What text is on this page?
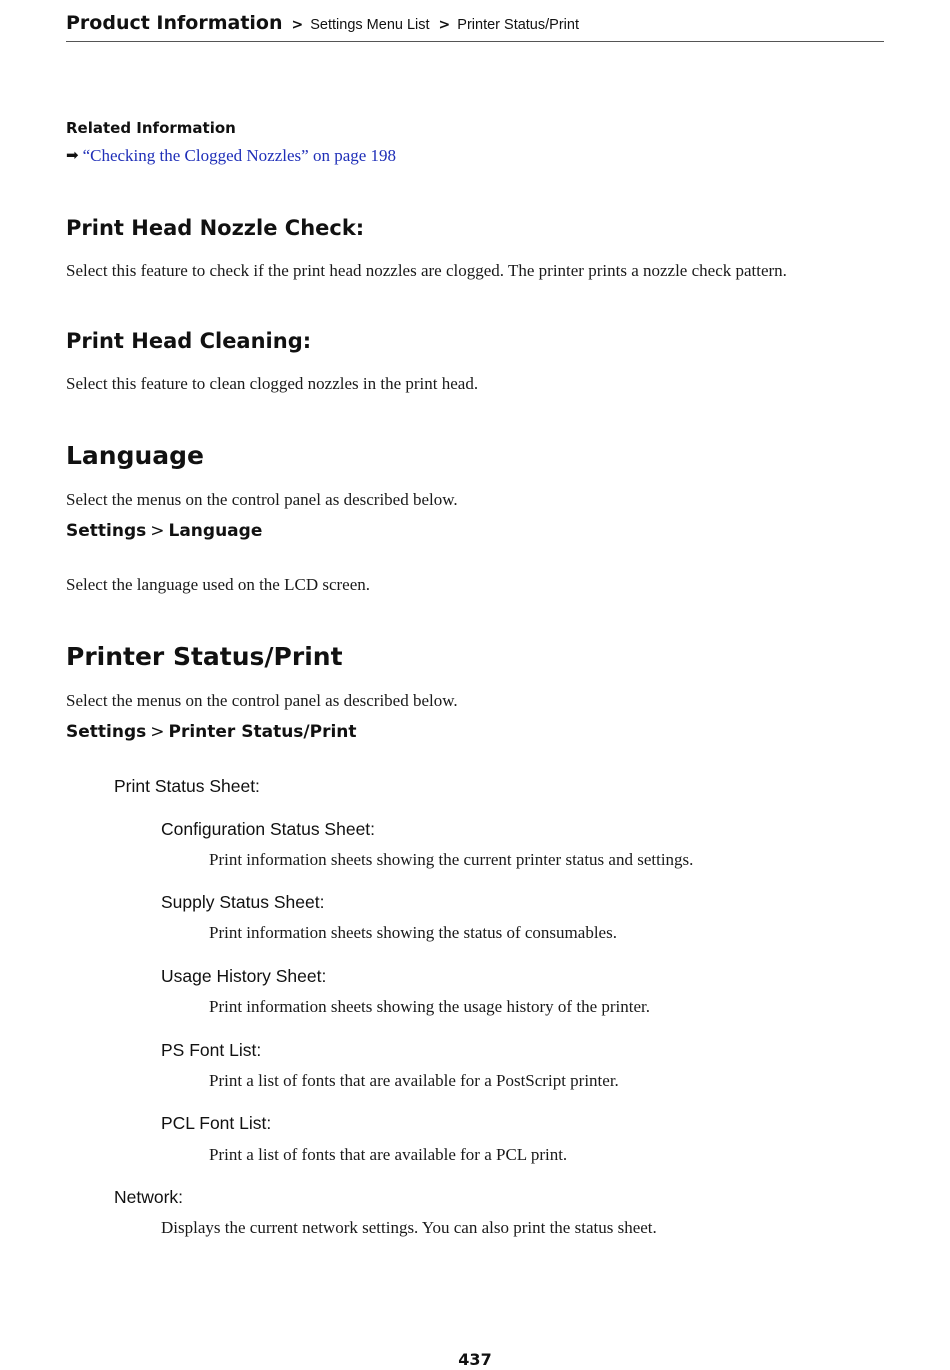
Product Information > Settings Menu List > Printer Status/Print
Related Information
➡ “Checking the Clogged Nozzles” on page 198
Print Head Nozzle Check:
Select this feature to check if the print head nozzles are clogged. The printer prints a nozzle check pattern.
Print Head Cleaning:
Select this feature to clean clogged nozzles in the print head.
Language
Select the menus on the control panel as described below.
Settings > Language
Select the language used on the LCD screen.
Printer Status/Print
Select the menus on the control panel as described below.
Settings > Printer Status/Print
Print Status Sheet:
Configuration Status Sheet:
Print information sheets showing the current printer status and settings.
Supply Status Sheet:
Print information sheets showing the status of consumables.
Usage History Sheet:
Print information sheets showing the usage history of the printer.
PS Font List:
Print a list of fonts that are available for a PostScript printer.
PCL Font List:
Print a list of fonts that are available for a PCL print.
Network:
Displays the current network settings. You can also print the status sheet.
437
